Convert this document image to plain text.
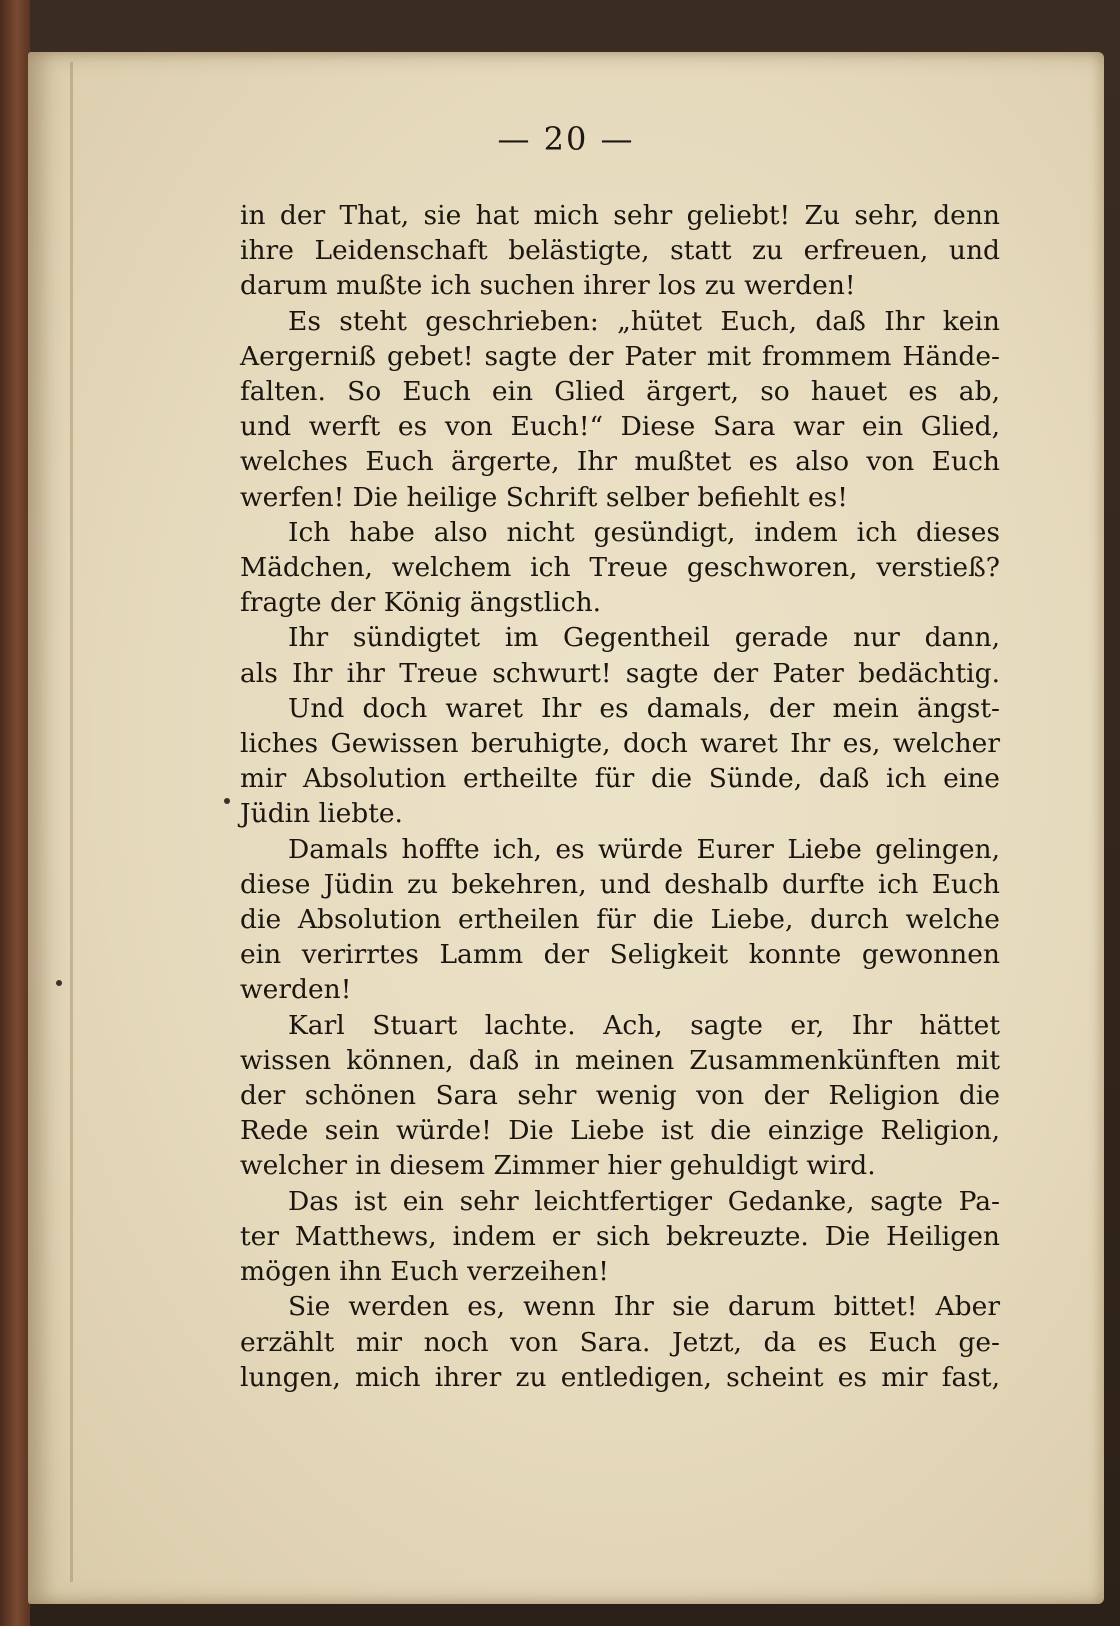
— 20 —
in der That, sie hat mich sehr geliebt! Zu sehr, denn
ihre Leidenschaft belästigte, statt zu erfreuen, und
darum mußte ich suchen ihrer los zu werden!
Es steht geschrieben: „hütet Euch, daß Ihr kein
Aergerniß gebet! sagte der Pater mit frommem Hände-
falten. So Euch ein Glied ärgert, so hauet es ab,
und werft es von Euch!“ Diese Sara war ein Glied,
welches Euch ärgerte, Ihr mußtet es also von Euch
werfen! Die heilige Schrift selber befiehlt es!
Ich habe also nicht gesündigt, indem ich dieses
Mädchen, welchem ich Treue geschworen, verstieß?
fragte der König ängstlich.
Ihr sündigtet im Gegentheil gerade nur dann,
als Ihr ihr Treue schwurt! sagte der Pater bedächtig.
Und doch waret Ihr es damals, der mein ängst-
liches Gewissen beruhigte, doch waret Ihr es, welcher
mir Absolution ertheilte für die Sünde, daß ich eine
Jüdin liebte.
Damals hoffte ich, es würde Eurer Liebe gelingen,
diese Jüdin zu bekehren, und deshalb durfte ich Euch
die Absolution ertheilen für die Liebe, durch welche
ein verirrtes Lamm der Seligkeit konnte gewonnen
werden!
Karl Stuart lachte. Ach, sagte er, Ihr hättet
wissen können, daß in meinen Zusammenkünften mit
der schönen Sara sehr wenig von der Religion die
Rede sein würde! Die Liebe ist die einzige Religion,
welcher in diesem Zimmer hier gehuldigt wird.
Das ist ein sehr leichtfertiger Gedanke, sagte Pa-
ter Matthews, indem er sich bekreuzte. Die Heiligen
mögen ihn Euch verzeihen!
Sie werden es, wenn Ihr sie darum bittet! Aber
erzählt mir noch von Sara. Jetzt, da es Euch ge-
lungen, mich ihrer zu entledigen, scheint es mir fast,
